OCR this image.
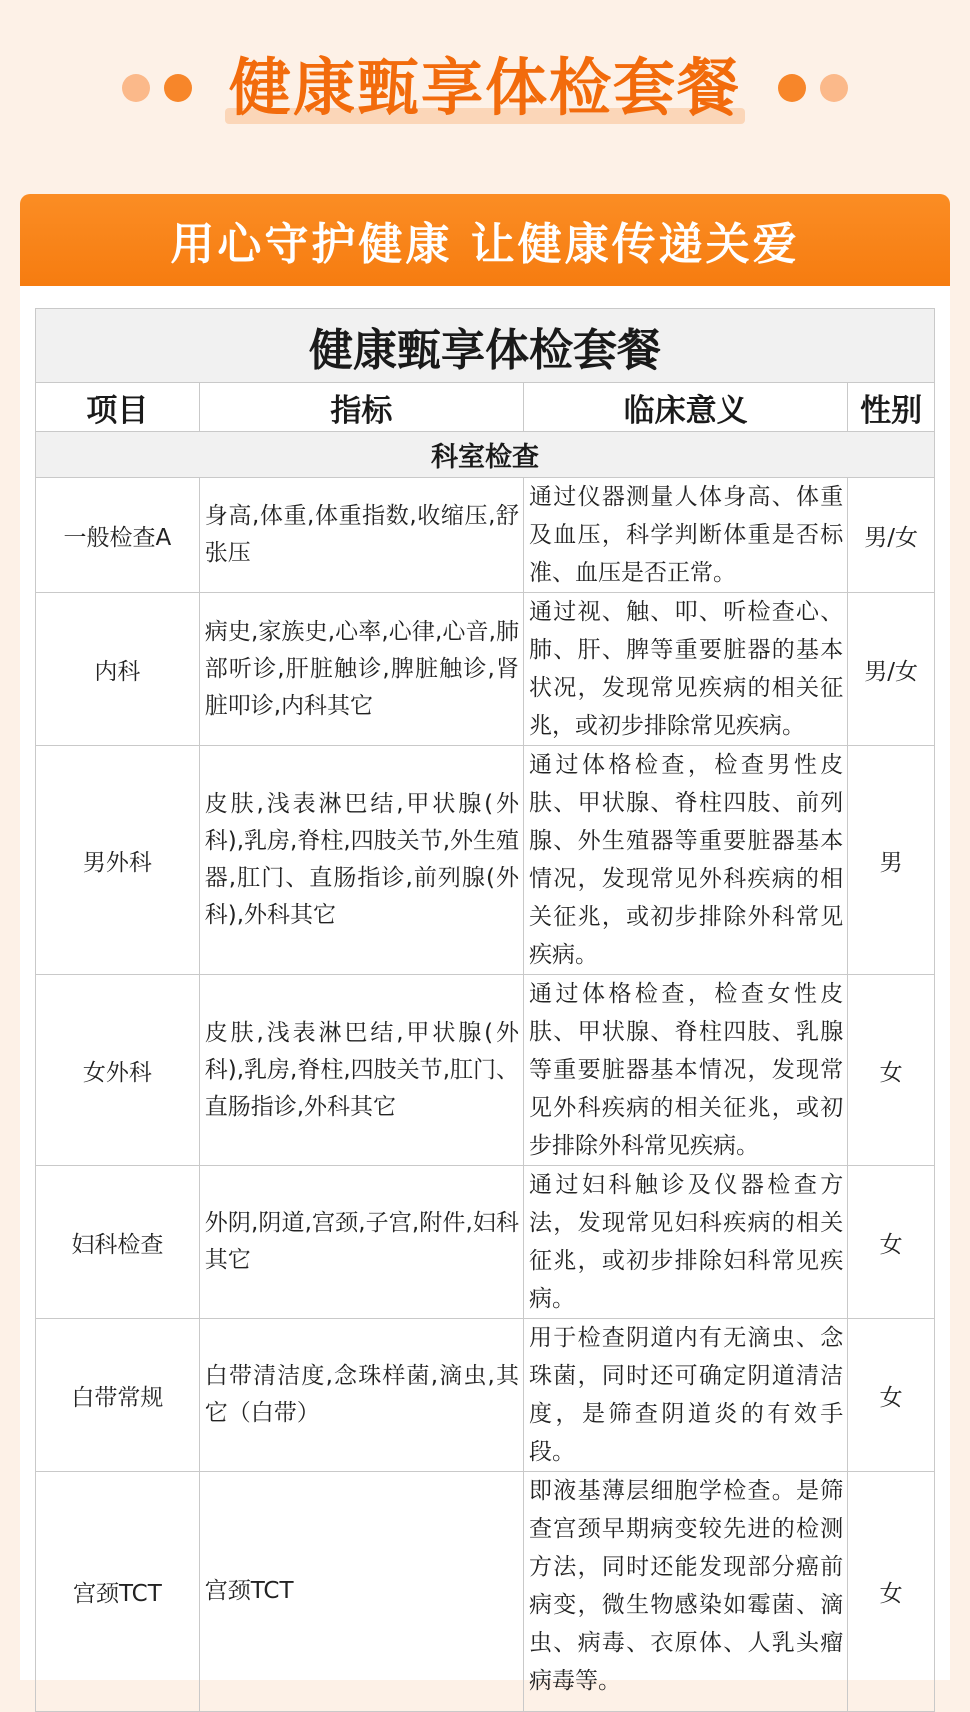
健康甄享体检套餐
用心守护健康 让健康传递关爱
健康甄享体检套餐			
项目	指标	临床意义	性别
科室检查			
一般检查A	身高,体重,体重指数,收缩压,舒张压	通过仪器测量人体身高、体重及血压，科学判断体重是否标准、血压是否正常。	男/女
内科	病史,家族史,心率,心律,心音,肺部听诊,肝脏触诊,脾脏触诊,肾脏叩诊,内科其它	通过视、触、叩、听检查心、肺、肝、脾等重要脏器的基本状况，发现常见疾病的相关征兆，或初步排除常见疾病。	男/女
男外科	皮肤,浅表淋巴结,甲状腺(外科),乳房,脊柱,四肢关节,外生殖器,肛门、直肠指诊,前列腺(外科),外科其它	通过体格检查，检查男性皮肤、甲状腺、脊柱四肢、前列腺、外生殖器等重要脏器基本情况，发现常见外科疾病的相关征兆，或初步排除外科常见疾病。	男
女外科	皮肤,浅表淋巴结,甲状腺(外科),乳房,脊柱,四肢关节,肛门、直肠指诊,外科其它	通过体格检查，检查女性皮肤、甲状腺、脊柱四肢、乳腺等重要脏器基本情况，发现常见外科疾病的相关征兆，或初步排除外科常见疾病。	女
妇科检查	外阴,阴道,宫颈,子宫,附件,妇科其它	通过妇科触诊及仪器检查方法，发现常见妇科疾病的相关征兆，或初步排除妇科常见疾病。	女
白带常规	白带清洁度,念珠样菌,滴虫,其它（白带）	用于检查阴道内有无滴虫、念珠菌，同时还可确定阴道清洁度，是筛查阴道炎的有效手段。	女
宫颈TCT	宫颈TCT	即液基薄层细胞学检查。是筛查宫颈早期病变较先进的检测方法，同时还能发现部分癌前病变，微生物感染如霉菌、滴虫、病毒、衣原体、人乳头瘤病毒等。	女
